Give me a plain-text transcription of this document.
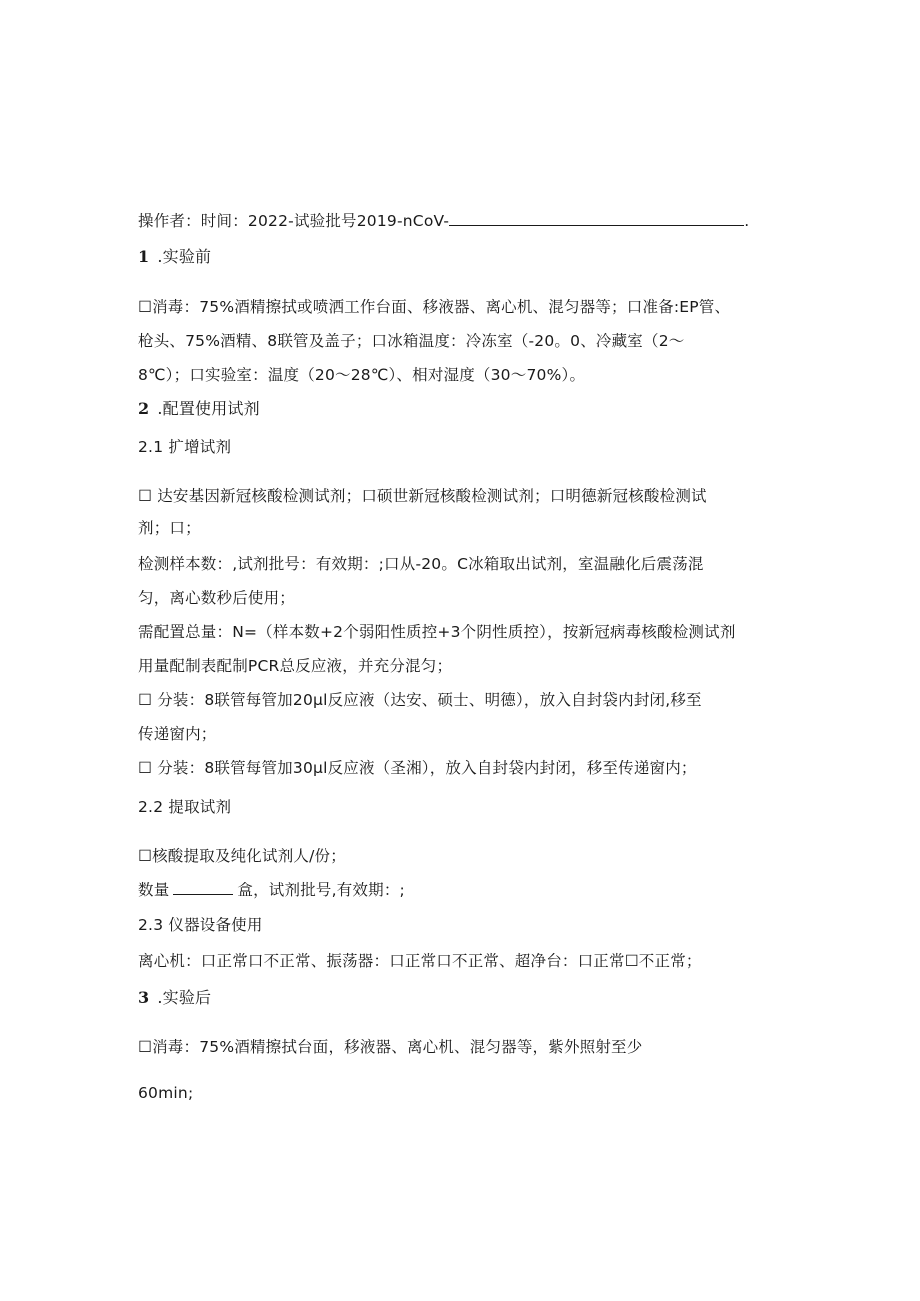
操作者：时间：2022-试验批号2019-nCoV-	.
1 .实验前
☐消毒：75%酒精擦拭或喷洒工作台面、移液器、离心机、混匀器等；口准备:EP管、
枪头、75%酒精、8联管及盖子；口冰箱温度：冷冻室（-20。0、冷藏室（2～
8℃）；口实验室：温度（20～28℃）、相对湿度（30～70%）。
2 .配置使用试剂
2.1 扩增试剂
☐ 达安基因新冠核酸检测试剂；口硕世新冠核酸检测试剂；口明德新冠核酸检测试
剂；口；
检测样本数：,试剂批号：有效期：;口从-20。C冰箱取出试剂，室温融化后震荡混
匀，离心数秒后使用；
需配置总量：N=（样本数+2个弱阳性质控+3个阴性质控），按新冠病毒核酸检测试剂
用量配制表配制PCR总反应液，并充分混匀；
☐ 分装：8联管每管加20μl反应液（达安、硕士、明德），放入自封袋内封闭,移至
传递窗内；
☐ 分装：8联管每管加30μl反应液（圣湘），放入自封袋内封闭，移至传递窗内；
2.2 提取试剂
☐核酸提取及纯化试剂人/份；
数量	盒，试剂批号,有效期：;
2.3 仪器设备使用
离心机：口正常口不正常、振荡器：口正常口不正常、超净台：口正常☐不正常；
3 .实验后
☐消毒：75%酒精擦拭台面，移液器、离心机、混匀器等，紫外照射至少
60min;
